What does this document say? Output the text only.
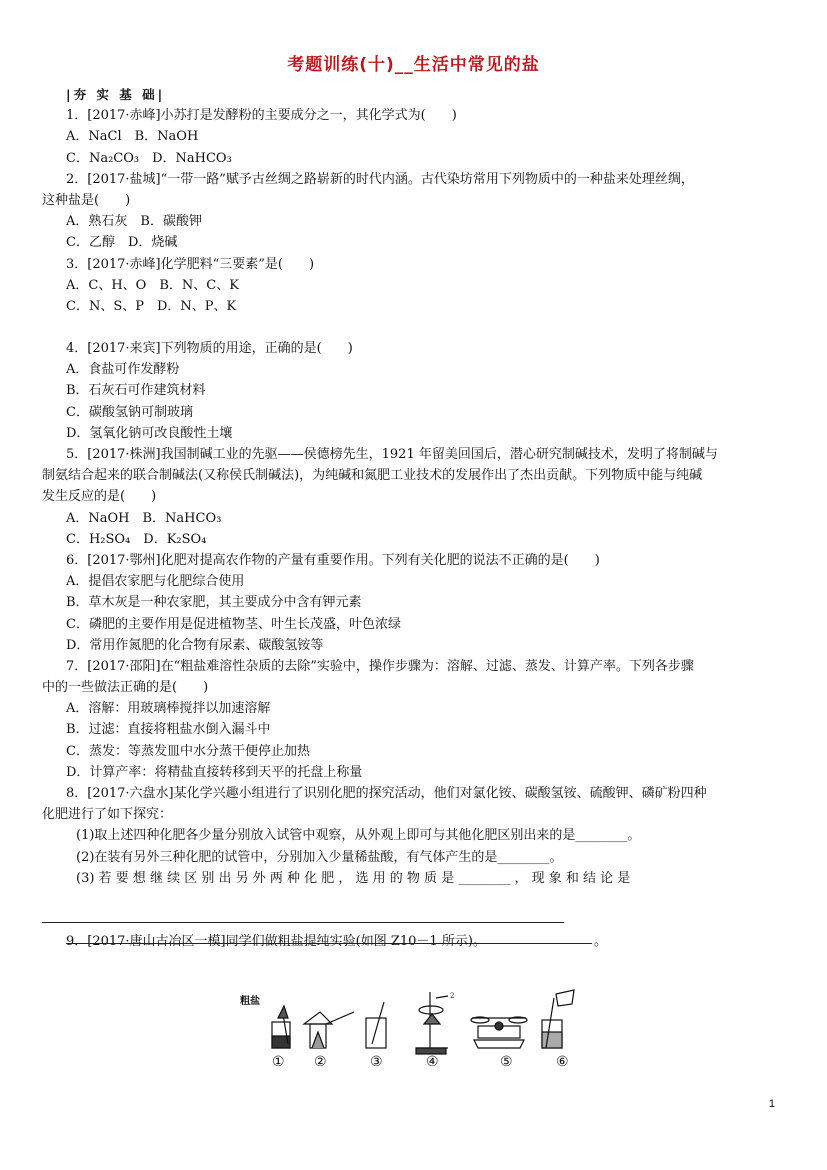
考题训练(十)__生活中常见的盐
|夯 实 基 础|
1．[2017·赤峰]小苏打是发酵粉的主要成分之一，其化学式为(　　)
A．NaCl　B．NaOH
C．Na₂CO₃　D．NaHCO₃
2．[2017·盐城]“一带一路”赋予古丝绸之路崭新的时代内涵。古代染坊常用下列物质中的一种盐来处理丝绸，
这种盐是(　　)
A．熟石灰　B．碳酸钾
C．乙醇　D．烧碱
3．[2017·赤峰]化学肥料“三要素”是(　　)
A．C、H、O　B．N、C、K
C．N、S、P　D．N、P、K
4．[2017·来宾]下列物质的用途，正确的是(　　)
A．食盐可作发酵粉
B．石灰石可作建筑材料
C．碳酸氢钠可制玻璃
D．氢氧化钠可改良酸性土壤
5．[2017·株洲]我国制碱工业的先驱——侯德榜先生，1921 年留美回国后，潜心研究制碱技术，发明了将制碱与
制氨结合起来的联合制碱法(又称侯氏制碱法)，为纯碱和氮肥工业技术的发展作出了杰出贡献。下列物质中能与纯碱
发生反应的是(　　)
A．NaOH　B．NaHCO₃
C．H₂SO₄　D．K₂SO₄
6．[2017·鄂州]化肥对提高农作物的产量有重要作用。下列有关化肥的说法不正确的是(　　)
A．提倡农家肥与化肥综合使用
B．草木灰是一种农家肥，其主要成分中含有钾元素
C．磷肥的主要作用是促进植物茎、叶生长茂盛，叶色浓绿
D．常用作氮肥的化合物有尿素、碳酸氢铵等
7．[2017·邵阳]在“粗盐难溶性杂质的去除”实验中，操作步骤为：溶解、过滤、蒸发、计算产率。下列各步骤
中的一些做法正确的是(　　)
A．溶解：用玻璃棒搅拌以加速溶解
B．过滤：直接将粗盐水倒入漏斗中
C．蒸发：等蒸发皿中水分蒸干便停止加热
D．计算产率：将精盐直接转移到天平的托盘上称量
8．[2017·六盘水]某化学兴趣小组进行了识别化肥的探究活动，他们对氯化铵、碳酸氢铵、硫酸钾、磷矿粉四种
化肥进行了如下探究：
(1)取上述四种化肥各少量分别放入试管中观察，从外观上即可与其他化肥区别出来的是________。
(2)在装有另外三种化肥的试管中，分别加入少量稀盐酸，有气体产生的是________。
(3) 若 要 想 继 续 区 别 出 另 外 两 种 化 肥 ， 选 用 的 物 质 是 ________ ， 现 象 和 结 论 是
9．[2017·唐山古冶区一模]同学们做粗盐提纯实验(如图 Z10－1 所示)。	。
2
粗盐
① ②	③	④	⑤	⑥
1
